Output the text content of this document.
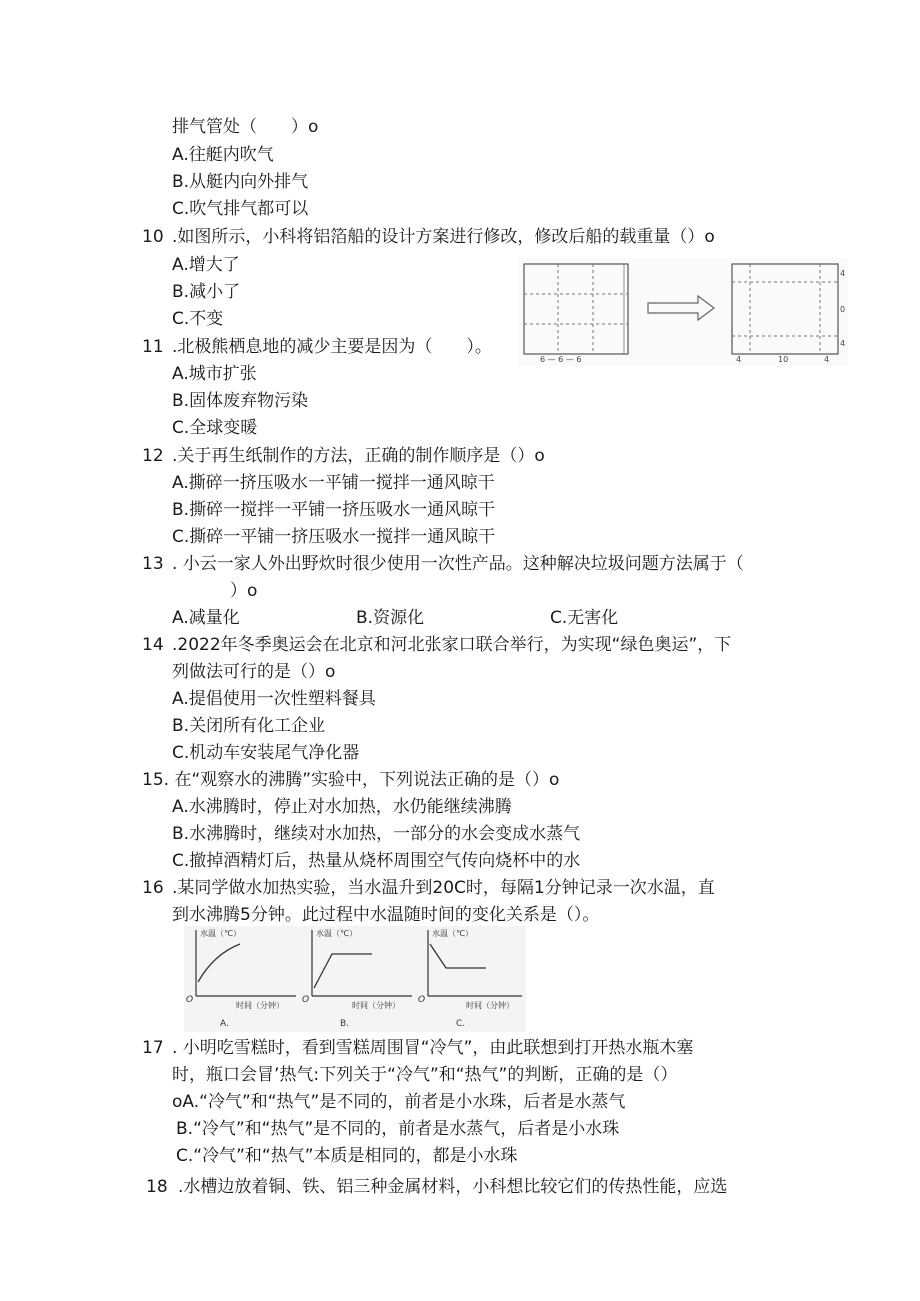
排气管处（　　）o
A.往艇内吹气
B.从艇内向外排气
C.吹气排气都可以
10 .如图所示，小科将铝箔船的设计方案进行修改，修改后船的载重量（）o
A.增大了
B.减小了
C.不变
6 — 6 — 6	4	10	4
4
0
4
11 .北极熊栖息地的减少主要是因为（　　）。
A.城市扩张
B.固体废弃物污染
C.全球变暖
12 .关于再生纸制作的方法，正确的制作顺序是（）o
A.撕碎一挤压吸水一平铺一搅拌一通风晾干
B.撕碎一搅拌一平铺一挤压吸水一通风晾干
C.撕碎一平铺一挤压吸水一搅拌一通风晾干
13 . 小云一家人外出野炊时很少使用一次性产品。这种解决垃圾问题方法属于（
）o
A.减量化	B.资源化	C.无害化
14 .2022年冬季奥运会在北京和河北张家口联合举行，为实现“绿色奥运”，下
列做法可行的是（）o
A.提倡使用一次性塑料餐具
B.关闭所有化工企业
C.机动车安装尾气净化器
15. 在“观察水的沸腾”实验中，下列说法正确的是（）o
A.水沸腾时，停止对水加热，水仍能继续沸腾
B.水沸腾时，继续对水加热，一部分的水会变成水蒸气
C.撤掉酒精灯后，热量从烧杯周围空气传向烧杯中的水
16 .某同学做水加热实验，当水温升到20C时，每隔1分钟记录一次水温，直
到水沸腾5分钟。此过程中水温随时间的变化关系是（）。
水温（℃）
O
时间（分钟）
A.
水温（℃）
O
时间（分钟）
B.
水温（℃）
O
时间（分钟）
C.
17 . 小明吃雪糕时，看到雪糕周围冒“冷气”，由此联想到打开热水瓶木塞
时，瓶口会冒’热气:下列关于“冷气”和“热气”的判断，正确的是（）
oA.“冷气”和“热气”是不同的，前者是小水珠，后者是水蒸气
B.“冷气”和“热气”是不同的，前者是水蒸气，后者是小水珠
C.“冷气”和“热气”本质是相同的，都是小水珠
18 .水槽边放着铜、铁、铝三种金属材料，小科想比较它们的传热性能，应选
